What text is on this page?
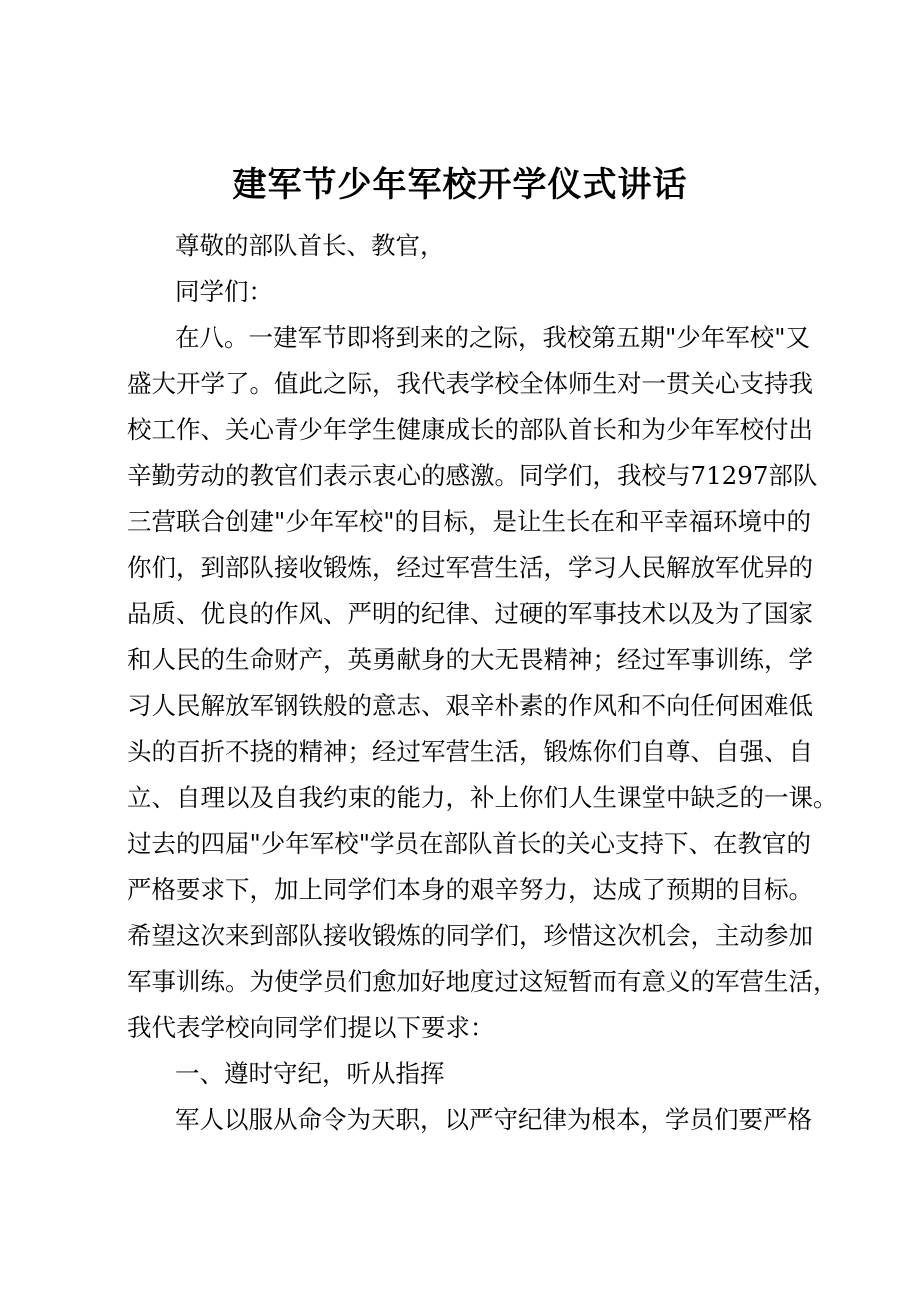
建军节少年军校开学仪式讲话
尊敬的部队首长、教官，
同学们：
在八。一建军节即将到来的之际，我校第五期"少年军校"又
盛大开学了。值此之际，我代表学校全体师生对一贯关心支持我
校工作、关心青少年学生健康成长的部队首长和为少年军校付出
辛勤劳动的教官们表示衷心的感激。同学们，我校与71297部队
三营联合创建"少年军校"的目标，是让生长在和平幸福环境中的
你们，到部队接收锻炼，经过军营生活，学习人民解放军优异的
品质、优良的作风、严明的纪律、过硬的军事技术以及为了国家
和人民的生命财产，英勇献身的大无畏精神；经过军事训练，学
习人民解放军钢铁般的意志、艰辛朴素的作风和不向任何困难低
头的百折不挠的精神；经过军营生活，锻炼你们自尊、自强、自
立、自理以及自我约束的能力，补上你们人生课堂中缺乏的一课。
过去的四届"少年军校"学员在部队首长的关心支持下、在教官的
严格要求下，加上同学们本身的艰辛努力，达成了预期的目标。
希望这次来到部队接收锻炼的同学们，珍惜这次机会，主动参加
军事训练。为使学员们愈加好地度过这短暂而有意义的军营生活，
我代表学校向同学们提以下要求：
一、遵时守纪，听从指挥
军人以服从命令为天职，以严守纪律为根本，学员们要严格
